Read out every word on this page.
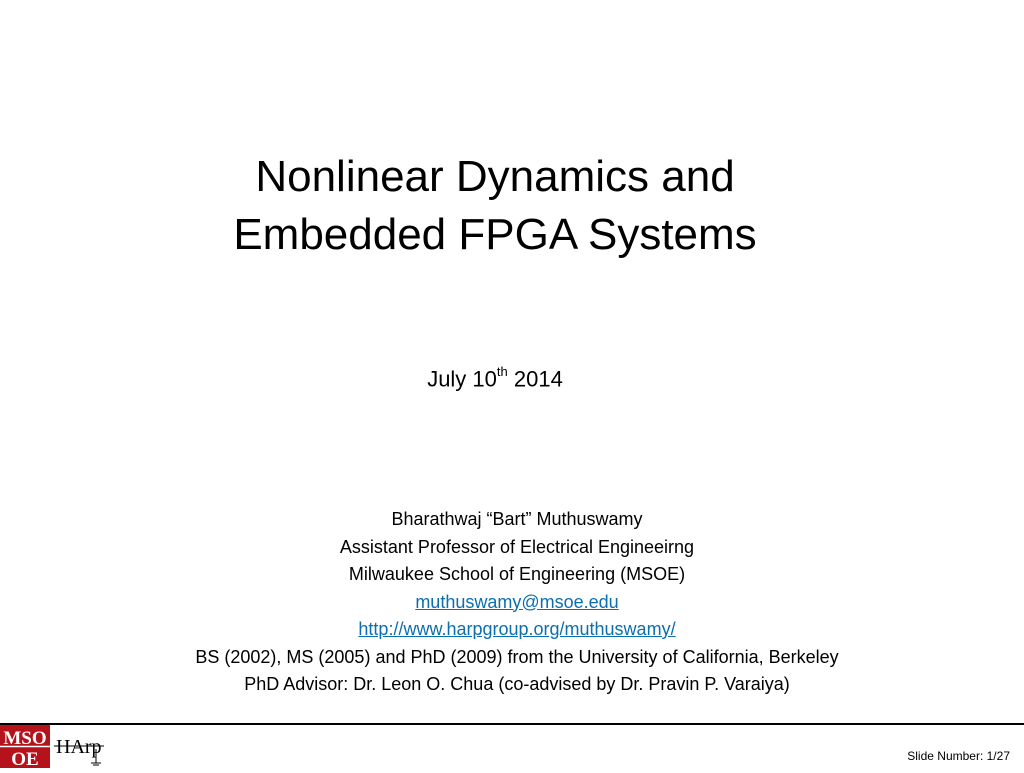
Nonlinear Dynamics and
Embedded FPGA Systems
July 10th 2014
Bharathwaj “Bart” Muthuswamy
Assistant Professor of Electrical Engineeirng
Milwaukee School of Engineering (MSOE)
muthuswamy@msoe.edu
http://www.harpgroup.org/muthuswamy/
BS (2002), MS (2005) and PhD (2009) from the University of California, Berkeley
PhD Advisor: Dr. Leon O. Chua (co-advised by Dr. Pravin P. Varaiya)
MSO
OE
HArp	Slide Number: 1/27
